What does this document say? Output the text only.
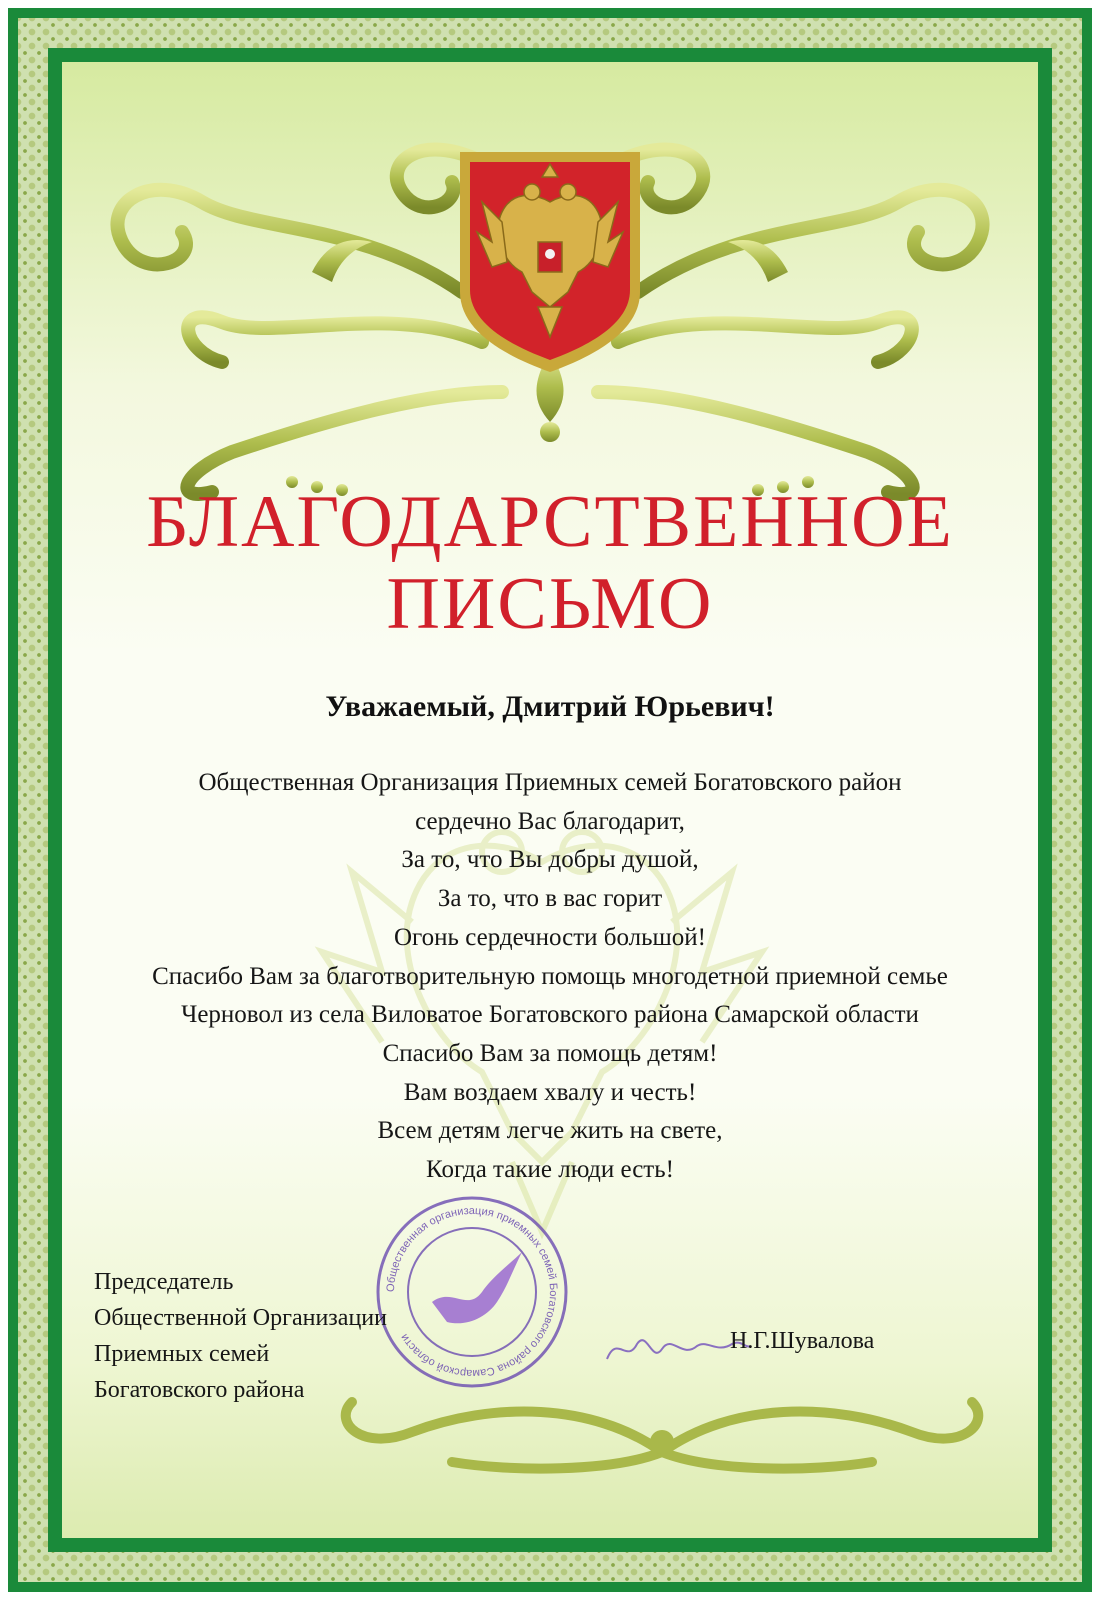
БЛАГОДАРСТВЕННОЕ
ПИСЬМО
Уважаемый, Дмитрий Юрьевич!
Общественная Организация Приемных семей Богатовского район
сердечно Вас благодарит,
За то, что Вы добры душой,
За то, что в вас горит
Огонь сердечности большой!
Спасибо Вам за благотворительную помощь многодетной приемной семье
Черновол из села Виловатое Богатовского района Самарской области
Спасибо Вам за помощь детям!
Вам воздаем хвалу и честь!
Всем детям легче жить на свете,
Когда такие люди есть!
Общественная организация приемных семей Богатовского района Самарской области
Председатель
Общественной Организации
Приемных семей
Богатовского района
Н.Г.Шувалова
